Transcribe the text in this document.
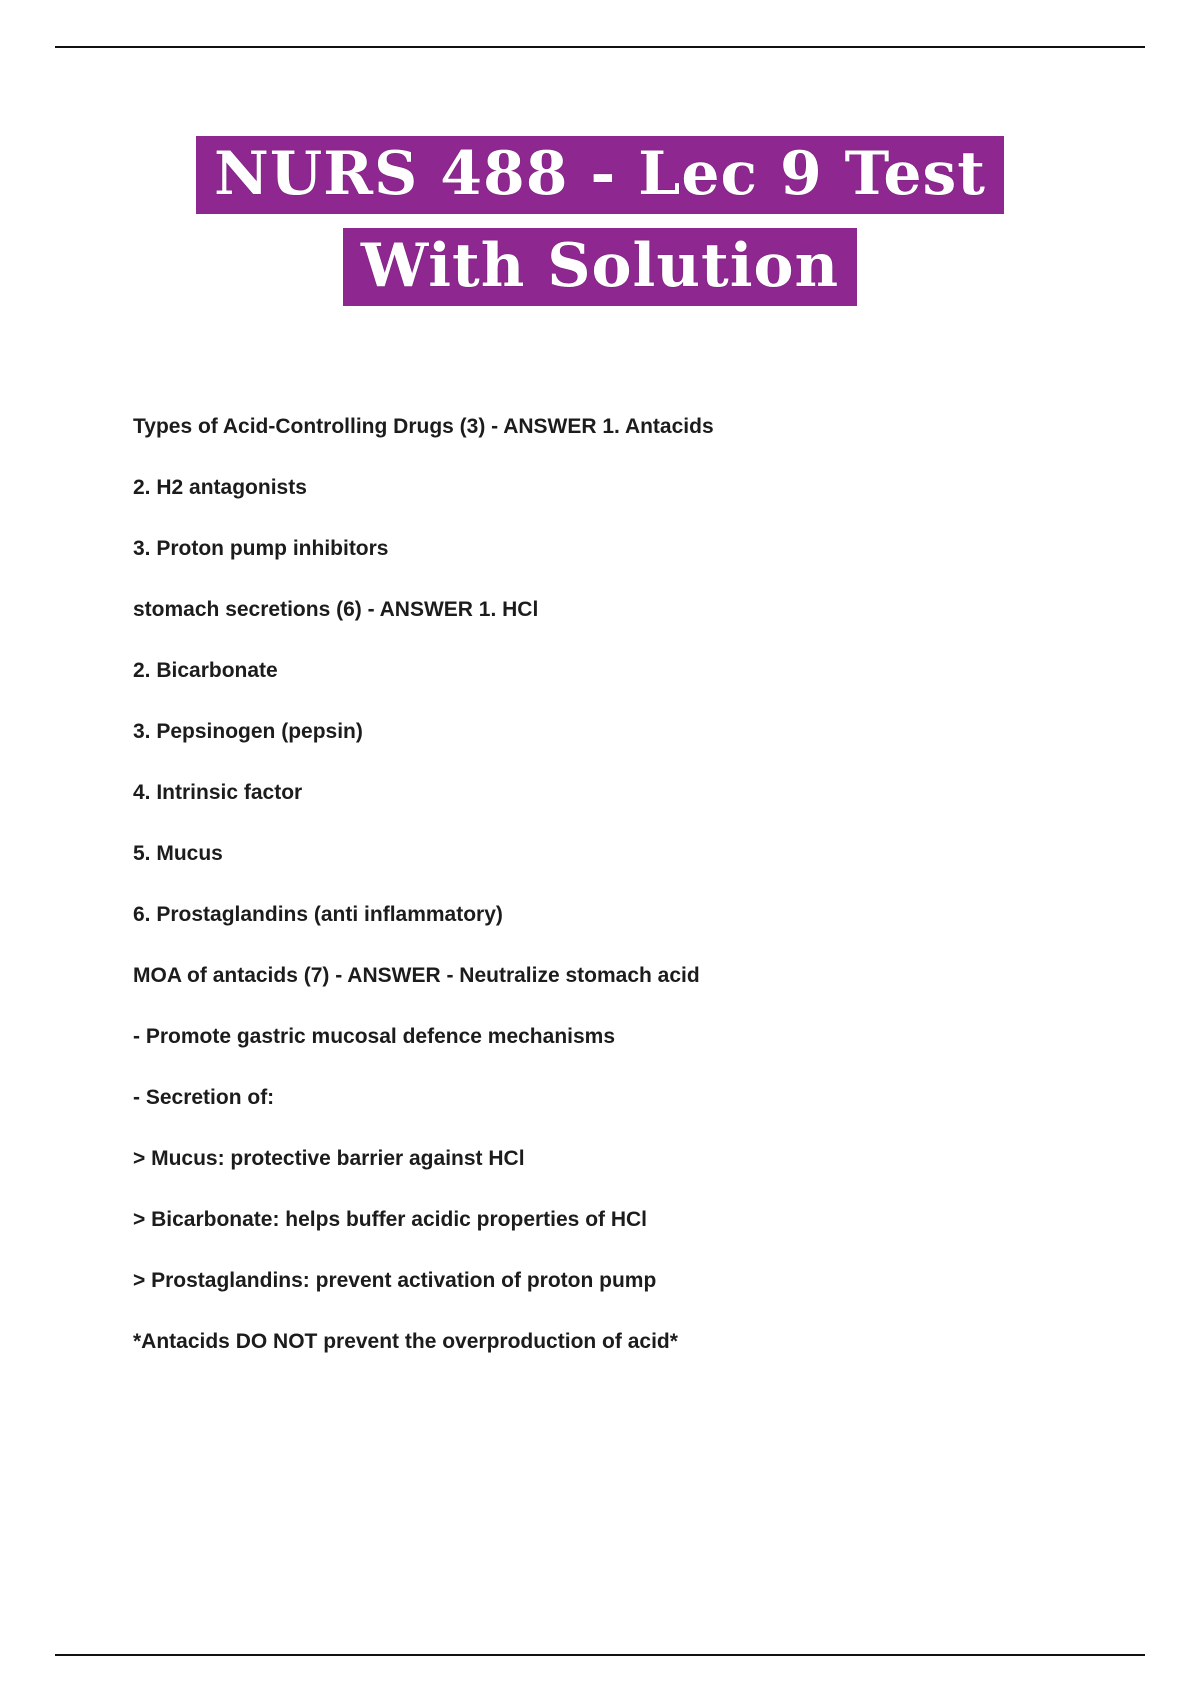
NURS 488 - Lec 9 Test
With Solution

Types of Acid-Controlling Drugs (3) - ANSWER 1. Antacids

2. H2 antagonists

3. Proton pump inhibitors

stomach secretions (6) - ANSWER 1. HCl

2. Bicarbonate

3. Pepsinogen (pepsin)

4. Intrinsic factor

5. Mucus

6. Prostaglandins (anti inflammatory)

MOA of antacids (7) - ANSWER - Neutralize stomach acid

- Promote gastric mucosal defence mechanisms

- Secretion of:

> Mucus: protective barrier against HCl

> Bicarbonate: helps buffer acidic properties of HCl

> Prostaglandins: prevent activation of proton pump

*Antacids DO NOT prevent the overproduction of acid*
